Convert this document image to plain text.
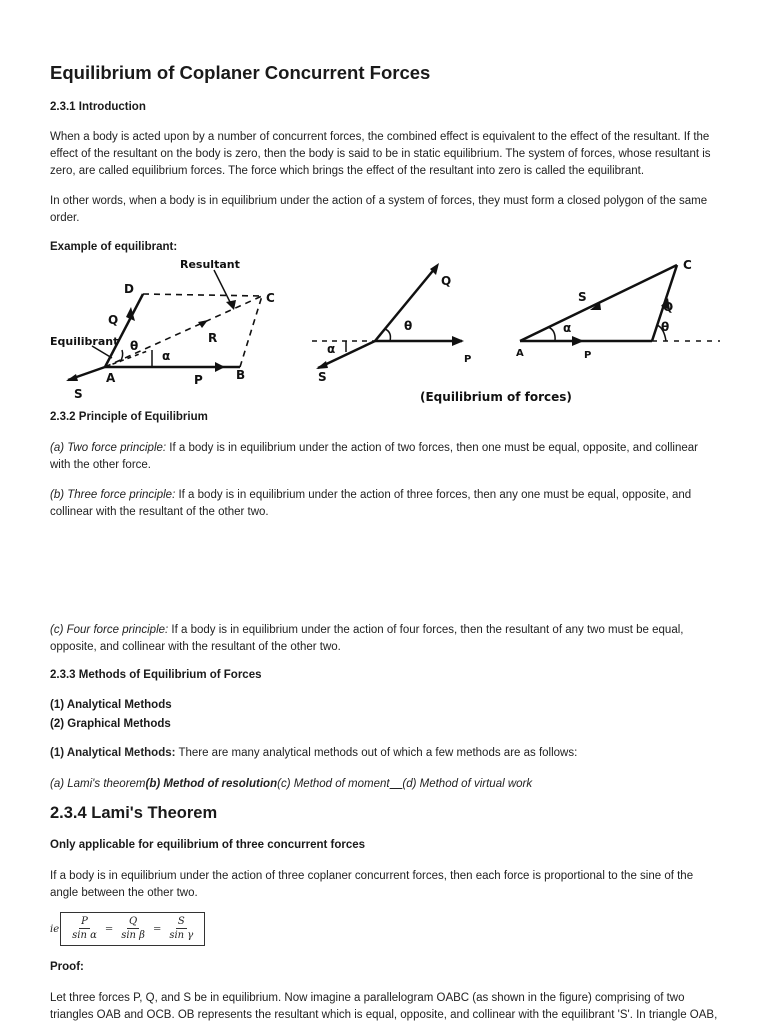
Equilibrium of Coplaner Concurrent Forces
2.3.1 Introduction
When a body is acted upon by a number of concurrent forces, the combined effect is equivalent to the effect of the resultant. If the effect of the resultant on the body is zero, then the body is said to be in static equilibrium. The system of forces, whose resultant is zero, are called equilibrium forces. The force which brings the effect of the resultant into zero is called the equilibrant.
In other words, when a body is in equilibrium under the action of a system of forces, they must form a closed polygon of the same order.
Example of equilibrant:
Resultant
Equilibrant
D
C
Q
θ
α
R
A	P	B
S
Q
θ
α
P
S
C
S
Q
α	θ
A	P
(Equilibrium of forces)
2.3.2 Principle of Equilibrium
(a) Two force principle: If a body is in equilibrium under the action of two forces, then one must be equal, opposite, and collinear with the other force.
(b) Three force principle: If a body is in equilibrium under the action of three forces, then any one must be equal, opposite, and collinear with the resultant of the other two.
(c) Four force principle: If a body is in equilibrium under the action of four forces, then the resultant of any two must be equal, opposite, and collinear with the resultant of the other two.
2.3.3 Methods of Equilibrium of Forces
(1) Analytical Methods
(2) Graphical Methods
(1) Analytical Methods: There are many analytical methods out of which a few methods are as follows:
(a) Lami's theorem(b) Method of resolution(c) Method of moment (d) Method of virtual work
2.3.4 Lami's Theorem
Only applicable for equilibrium of three concurrent forces
If a body is in equilibrium under the action of three coplaner concurrent forces, then each force is proportional to the sine of the angle between the other two.
ie $\frac{P}{\text{sin α}} = \frac{Q}{\text{sin β}} = \frac{S}{\text{sin γ}}$
Proof:
Let three forces P, Q, and S be in equilibrium. Now imagine a parallelogram OABC (as shown in the figure) comprising of two triangles OAB and OCB. OB represents the resultant which is equal, opposite, and collinear with the equilibrant 'S'. In triangle OAB,
